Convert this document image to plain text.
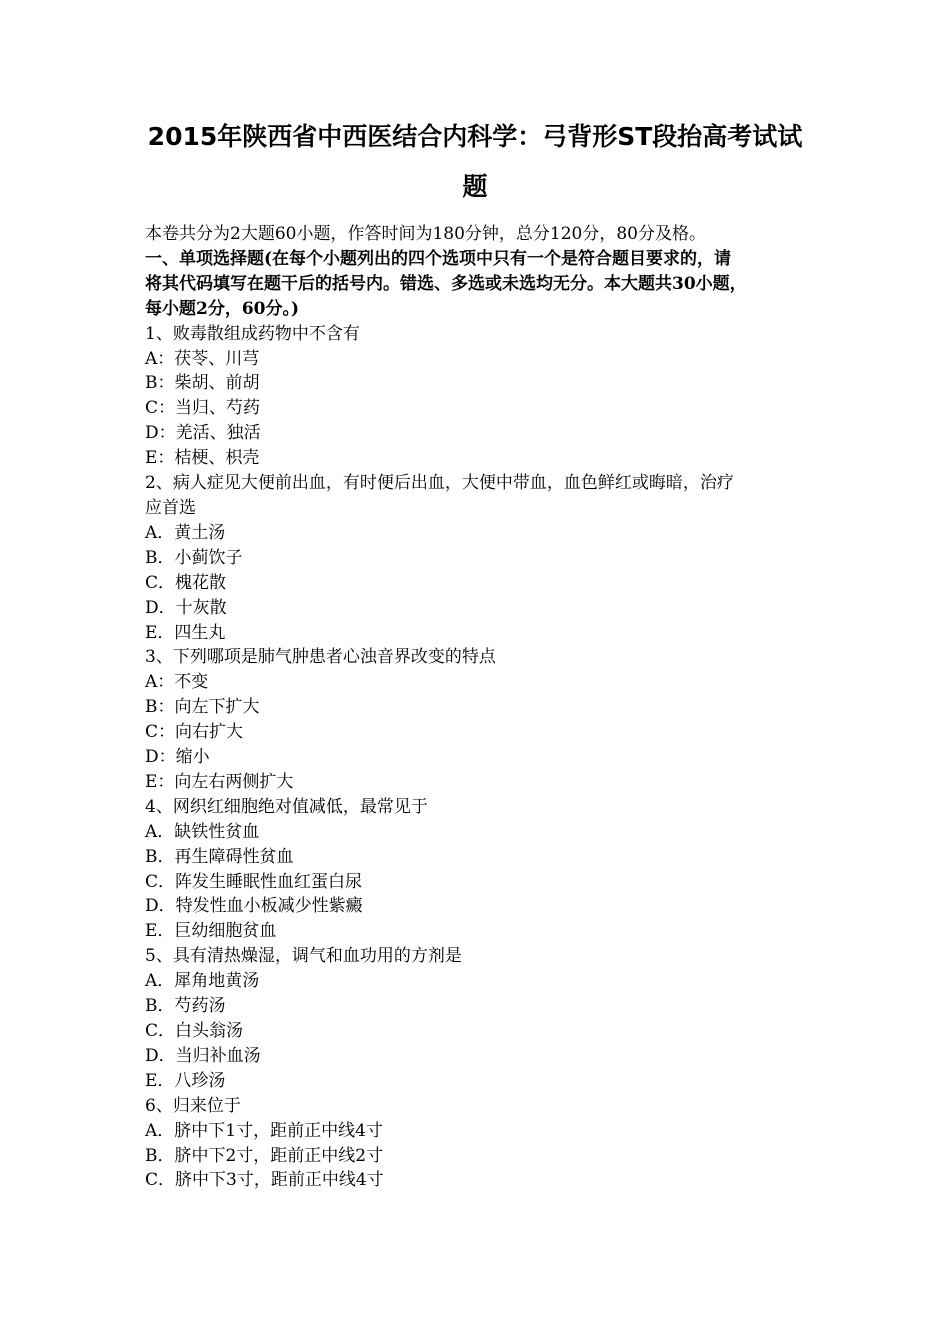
2015年陕西省中西医结合内科学：弓背形ST段抬高考试试
题
本卷共分为2大题60小题，作答时间为180分钟，总分120分，80分及格。
一、单项选择题(在每个小题列出的四个选项中只有一个是符合题目要求的，请
将其代码填写在题干后的括号内。错选、多选或未选均无分。本大题共30小题，
每小题2分，60分。)
1、败毒散组成药物中不含有
A：茯苓、川芎
B：柴胡、前胡
C：当归、芍药
D：羌活、独活
E：桔梗、枳壳
2、病人症见大便前出血，有时便后出血，大便中带血，血色鲜红或晦暗，治疗
应首选
A．黄土汤
B．小蓟饮子
C．槐花散
D．十灰散
E．四生丸
3、下列哪项是肺气肿患者心浊音界改变的特点
A：不变
B：向左下扩大
C：向右扩大
D：缩小
E：向左右两侧扩大
4、网织红细胞绝对值减低，最常见于
A．缺铁性贫血
B．再生障碍性贫血
C．阵发生睡眠性血红蛋白尿
D．特发性血小板减少性紫癜
E．巨幼细胞贫血
5、具有清热燥湿，调气和血功用的方剂是
A．犀角地黄汤
B．芍药汤
C．白头翁汤
D．当归补血汤
E．八珍汤
6、归来位于
A．脐中下1寸，距前正中线4寸
B．脐中下2寸，距前正中线2寸
C．脐中下3寸，距前正中线4寸
